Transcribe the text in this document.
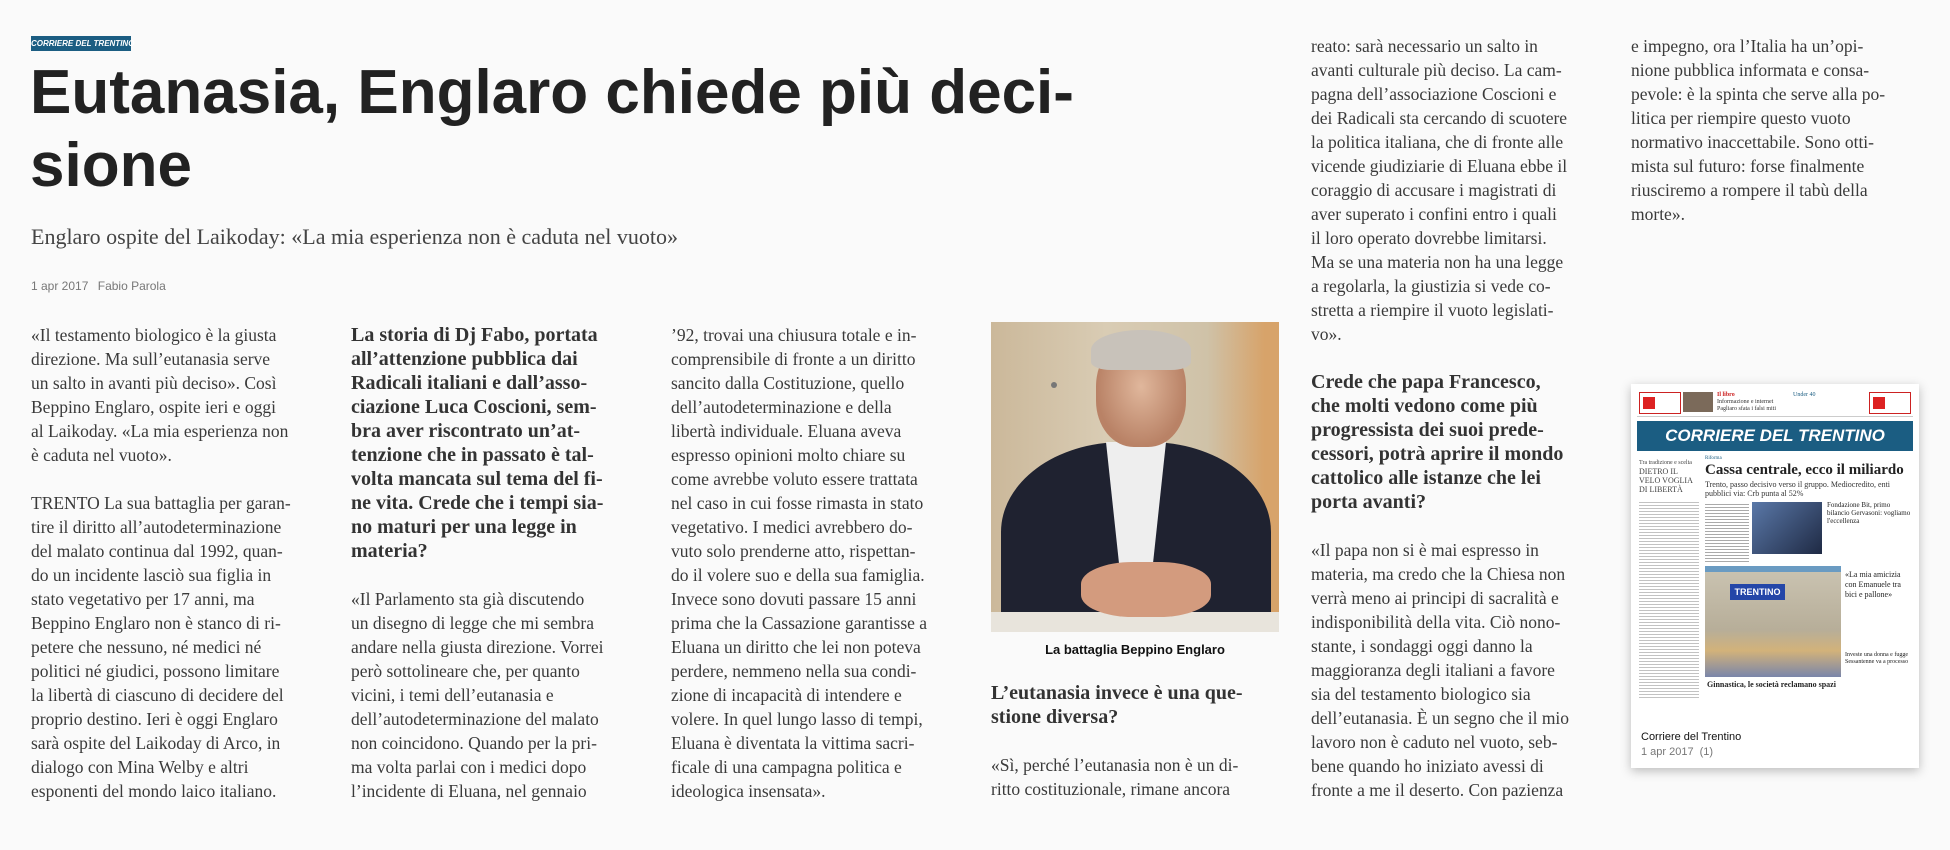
CORRIERE DEL TRENTINO
Eutanasia, Englaro chiede più deci-
sione
Englaro ospite del Laikoday: «La mia esperienza non è caduta nel vuoto»
1 apr 2017 Fabio Parola
«Il testamento biologico è la giusta
direzione. Ma sull’eutanasia serve
un salto in avanti più deciso». Così
Beppino Englaro, ospite ieri e oggi
al Laikoday. «La mia esperienza non
è caduta nel vuoto».
TRENTO La sua battaglia per garan-
tire il diritto all’autodeterminazione
del malato continua dal 1992, quan-
do un incidente lasciò sua figlia in
stato vegetativo per 17 anni, ma
Beppino Englaro non è stanco di ri-
petere che nessuno, né medici né
politici né giudici, possono limitare
la libertà di ciascuno di decidere del
proprio destino. Ieri è oggi Englaro
sarà ospite del Laikoday di Arco, in
dialogo con Mina Welby e altri
esponenti del mondo laico italiano.
La storia di Dj Fabo, portata
all’attenzione pubblica dai
Radicali italiani e dall’asso-
ciazione Luca Coscioni, sem-
bra aver riscontrato un’at-
tenzione che in passato è tal-
volta mancata sul tema del fi-
ne vita. Crede che i tempi sia-
no maturi per una legge in
materia?
«Il Parlamento sta già discutendo
un disegno di legge che mi sembra
andare nella giusta direzione. Vorrei
però sottolineare che, per quanto
vicini, i temi dell’eutanasia e
dell’autodeterminazione del malato
non coincidono. Quando per la pri-
ma volta parlai con i medici dopo
l’incidente di Eluana, nel gennaio
’92, trovai una chiusura totale e in-
comprensibile di fronte a un diritto
sancito dalla Costituzione, quello
dell’autodeterminazione e della
libertà individuale. Eluana aveva
espresso opinioni molto chiare su
come avrebbe voluto essere trattata
nel caso in cui fosse rimasta in stato
vegetativo. I medici avrebbero do-
vuto solo prenderne atto, rispettan-
do il volere suo e della sua famiglia.
Invece sono dovuti passare 15 anni
prima che la Cassazione garantisse a
Eluana un diritto che lei non poteva
perdere, nemmeno nella sua condi-
zione di incapacità di intendere e
volere. In quel lungo lasso di tempi,
Eluana è diventata la vittima sacri-
ficale di una campagna politica e
ideologica insensata».
La battaglia Beppino Englaro
L’eutanasia invece è una que-
stione diversa?
«Sì, perché l’eutanasia non è un di-
ritto costituzionale, rimane ancora
reato: sarà necessario un salto in
avanti culturale più deciso. La cam-
pagna dell’associazione Coscioni e
dei Radicali sta cercando di scuotere
la politica italiana, che di fronte alle
vicende giudiziarie di Eluana ebbe il
coraggio di accusare i magistrati di
aver superato i confini entro i quali
il loro operato dovrebbe limitarsi.
Ma se una materia non ha una legge
a regolarla, la giustizia si vede co-
stretta a riempire il vuoto legislati-
vo».
Crede che papa Francesco,
che molti vedono come più
progressista dei suoi prede-
cessori, potrà aprire il mondo
cattolico alle istanze che lei
porta avanti?
«Il papa non si è mai espresso in
materia, ma credo che la Chiesa non
verrà meno ai principi di sacralità e
indisponibilità della vita. Ciò nono-
stante, i sondaggi oggi danno la
maggioranza degli italiani a favore
sia del testamento biologico sia
dell’eutanasia. È un segno che il mio
lavoro non è caduto nel vuoto, seb-
bene quando ho iniziato avessi di
fronte a me il deserto. Con pazienza
e impegno, ora l’Italia ha un’opi-
nione pubblica informata e consa-
pevole: è la spinta che serve alla po-
litica per riempire questo vuoto
normativo inaccettabile. Sono otti-
mista sul futuro: forse finalmente
riusciremo a rompere il tabù della
morte».
Il libro
Informazione e internet
Pagliaro sfata i falsi miti
Under 40
CORRIERE DEL TRENTINO
Tra tradizione e scelta
DIETRO IL VELO VOGLIA DI LIBERTÀ
Riforma
Cassa centrale, ecco il miliardo
Trento, passo decisivo verso il gruppo. Mediocredito, enti pubblici via: Crb punta al 52%
Fondazione Bit, primo bilancio Gervasoni: vogliamo l'eccellenza
TRENTINO
Ginnastica, le società reclamano spazi
«La mia amicizia con Emanuele tra bici e pallone»
Investe una donna e fugge Sessantenne va a processo
Corriere del Trentino
1 apr 2017 (1)
